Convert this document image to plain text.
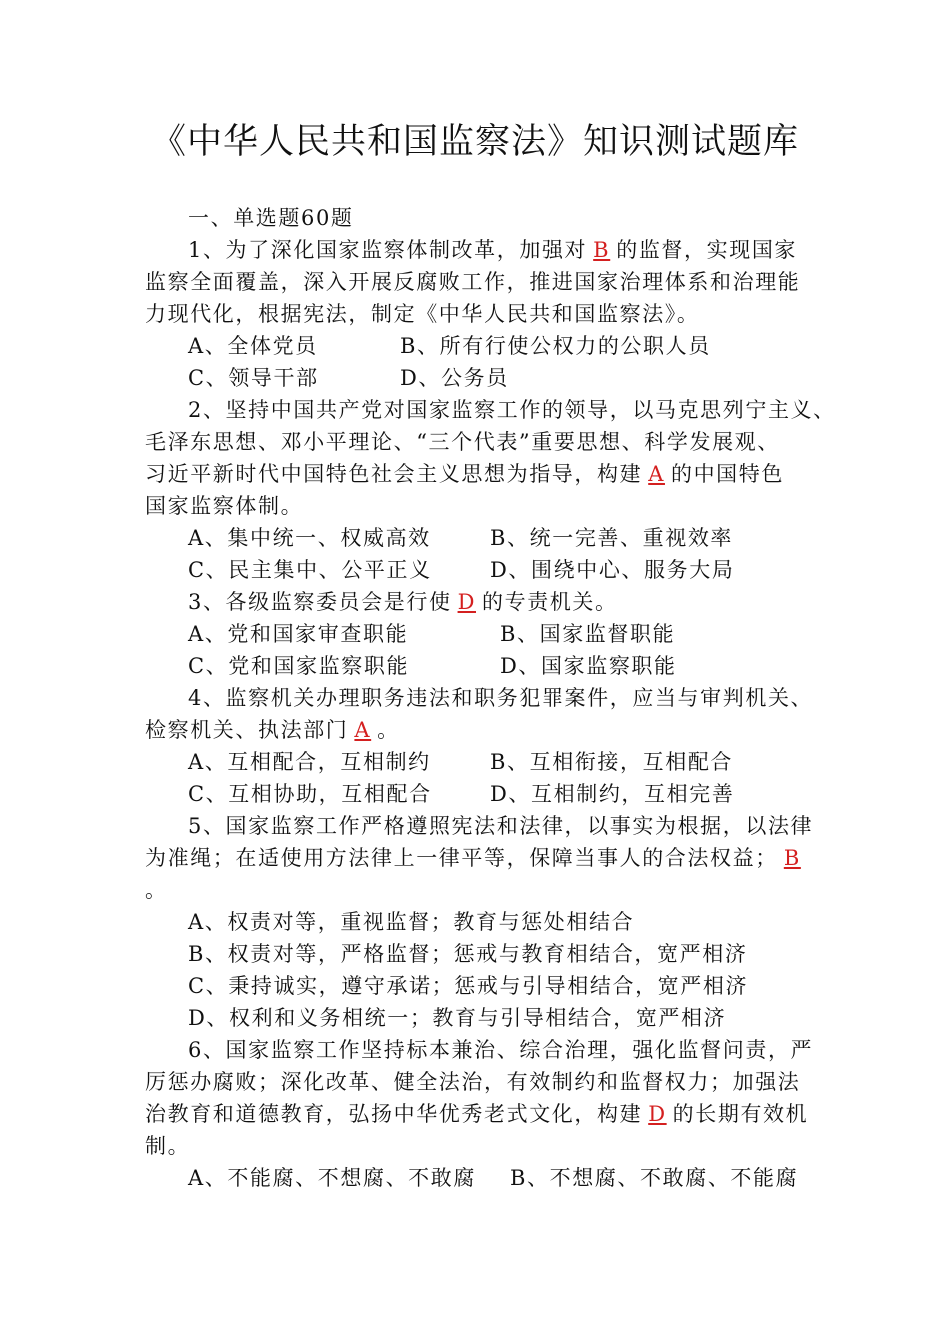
《中华人民共和国监察法》知识测试题库
一、单选题60题
1、为了深化国家监察体制改革，加强对 B 的监督，实现国家
监察全面覆盖，深入开展反腐败工作，推进国家治理体系和治理能
力现代化，根据宪法，制定《中华人民共和国监察法》。
A、全体党员	B、所有行使公权力的公职人员
C、领导干部	D、公务员
2、坚持中国共产党对国家监察工作的领导，以马克思列宁主义、
毛泽东思想、邓小平理论、“三个代表”重要思想、科学发展观、
习近平新时代中国特色社会主义思想为指导，构建 A 的中国特色
国家监察体制。
A、集中统一、权威高效	B、统一完善、重视效率
C、民主集中、公平正义	D、围绕中心、服务大局
3、各级监察委员会是行使 D 的专责机关。
A、党和国家审查职能	B、国家监督职能
C、党和国家监察职能	D、国家监察职能
4、监察机关办理职务违法和职务犯罪案件，应当与审判机关、
检察机关、执法部门 A 。
A、互相配合，互相制约	B、互相衔接，互相配合
C、互相协助，互相配合	D、互相制约，互相完善
5、国家监察工作严格遵照宪法和法律，以事实为根据，以法律
为准绳；在适使用方法律上一律平等，保障当事人的合法权益； B
。
A、权责对等，重视监督；教育与惩处相结合
B、权责对等，严格监督；惩戒与教育相结合，宽严相济
C、秉持诚实，遵守承诺；惩戒与引导相结合，宽严相济
D、权利和义务相统一；教育与引导相结合，宽严相济
6、国家监察工作坚持标本兼治、综合治理，强化监督问责，严
厉惩办腐败；深化改革、健全法治，有效制约和监督权力；加强法
治教育和道德教育，弘扬中华优秀老式文化，构建 D 的长期有效机
制。
A、不能腐、不想腐、不敢腐 B、不想腐、不敢腐、不能腐
